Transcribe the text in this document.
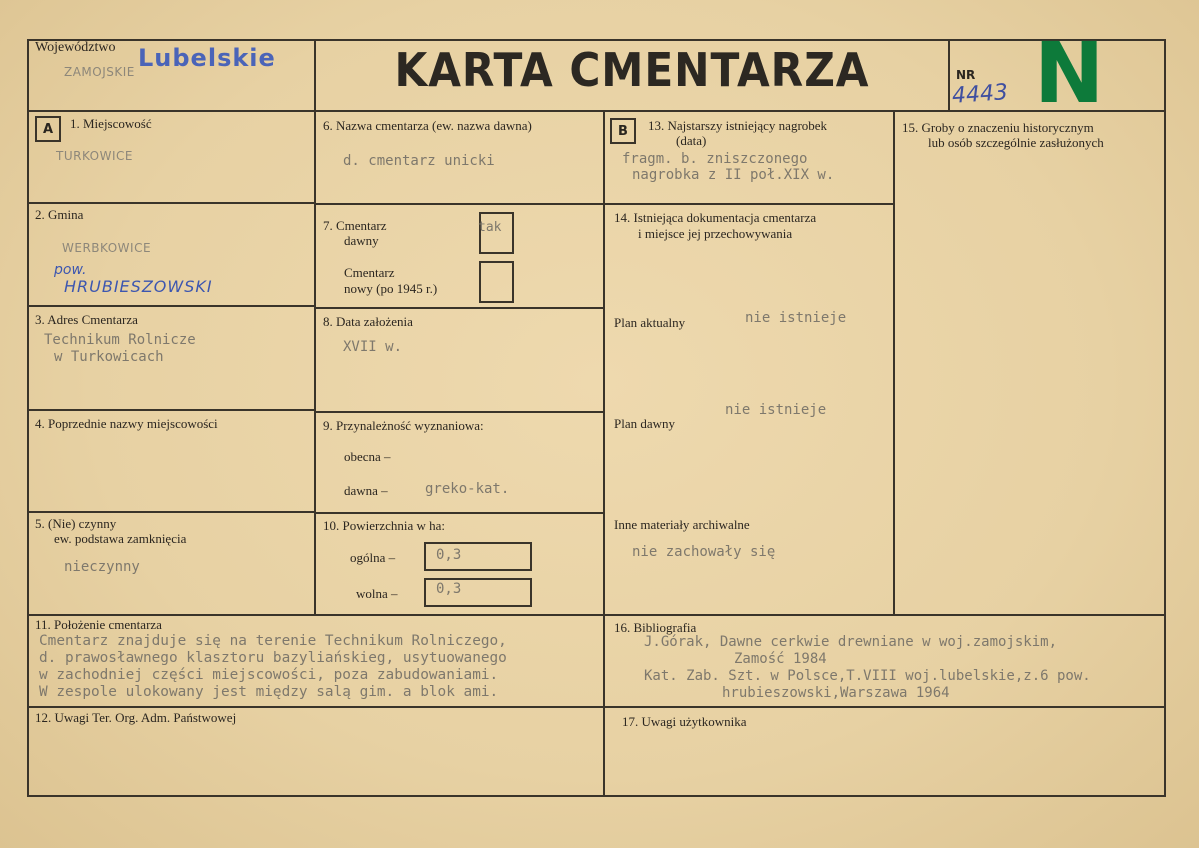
Województwo Lubelskie
ZAMOJSKIE	KARTA CMENTARZA	NR
4443 N
A	1. Miejscowość
TURKOWICE
2. Gmina
WERBKOWICE
pow.
HRUBIESZOWSKI
3. Adres Cmentarza
Technikum Rolnicze
w Turkowicach
4. Poprzednie nazwy miejscowości
5. (Nie) czynny
ew. podstawa zamknięcia
nieczynny
6. Nazwa cmentarza (ew. nazwa dawna)
d. cmentarz unicki
7. Cmentarz
dawny
tak
Cmentarz
nowy (po 1945 r.)
8. Data założenia
XVII w.
9. Przynależność wyznaniowa:
obecna –
dawna –	greko-kat.
10. Powierzchnia w ha:
ogólna –	0,3
wolna –	0,3
B	13. Najstarszy istniejący nagrobek
(data)
fragm. b. zniszczonego
nagrobka z II poł.XIX w.
14. Istniejąca dokumentacja cmentarza
i miejsce jej przechowywania
Plan aktualny	nie istnieje
Plan dawny
nie istnieje
Inne materiały archiwalne
nie zachowały się
15. Groby o znaczeniu historycznym
lub osób szczególnie zasłużonych
11. Położenie cmentarza
Cmentarz znajduje się na terenie Technikum Rolniczego,
d. prawosławnego klasztoru bazyliańskieg, usytuowanego
w zachodniej części miejscowości, poza zabudowaniami.
W zespole ulokowany jest między salą gim. a blok ami.
16. Bibliografia
J.Górak, Dawne cerkwie drewniane w woj.zamojskim,
Zamość 1984
Kat. Zab. Szt. w Polsce,T.VIII woj.lubelskie,z.6 pow.
hrubieszowski,Warszawa 1964
12. Uwagi Ter. Org. Adm. Państwowej	17. Uwagi użytkownika
